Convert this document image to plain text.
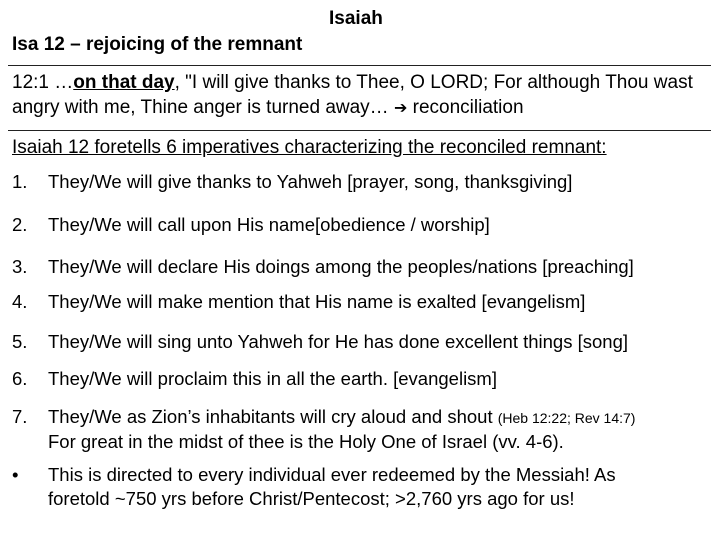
Isaiah
Isa 12 – rejoicing of the remnant
12:1 …on that day, "I will give thanks to Thee, O LORD; For although Thou wast angry with me, Thine anger is turned away… ➔ reconciliation
Isaiah 12 foretells 6 imperatives characterizing the reconciled remnant:
1.	They/We will give thanks to Yahweh [prayer, song, thanksgiving]
2.	They/We will call upon His name[obedience / worship]
3.	They/We will declare His doings among the peoples/nations [preaching]
4.	They/We will make mention that His name is exalted [evangelism]
5.	They/We will sing unto Yahweh for He has done excellent things [song]
6.	They/We will proclaim this in all the earth. [evangelism]
7.	They/We as Zion’s inhabitants will cry aloud and shout (Heb 12:22; Rev 14:7)
For great in the midst of thee is the Holy One of Israel (vv. 4-6).
•	This is directed to every individual ever redeemed by the Messiah! As
foretold ~750 yrs before Christ/Pentecost; >2,760 yrs ago for us!
